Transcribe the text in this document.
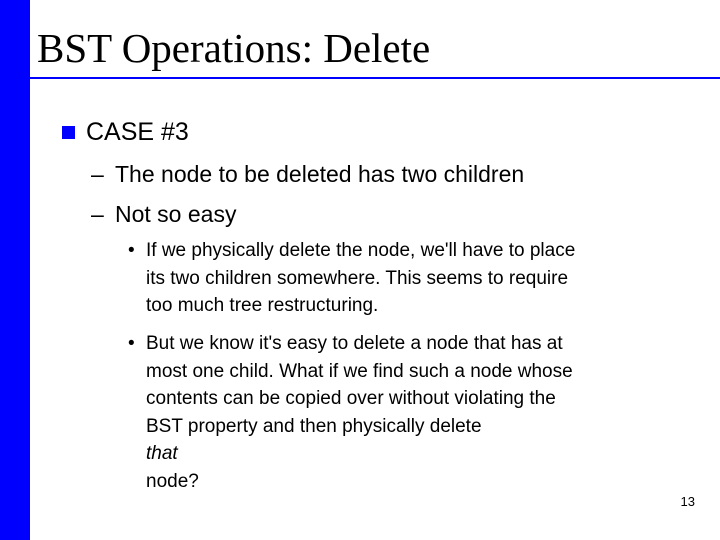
BST Operations: Delete
CASE #3
– The node to be deleted has two children
– Not so easy
• If we physically delete the node, we'll have to place
its two children somewhere. This seems to require
too much tree restructuring.
• But we know it's easy to delete a node that has at
most one child. What if we find such a node whose
contents can be copied over without violating the
BST property and then physically delete
that
node?
13
